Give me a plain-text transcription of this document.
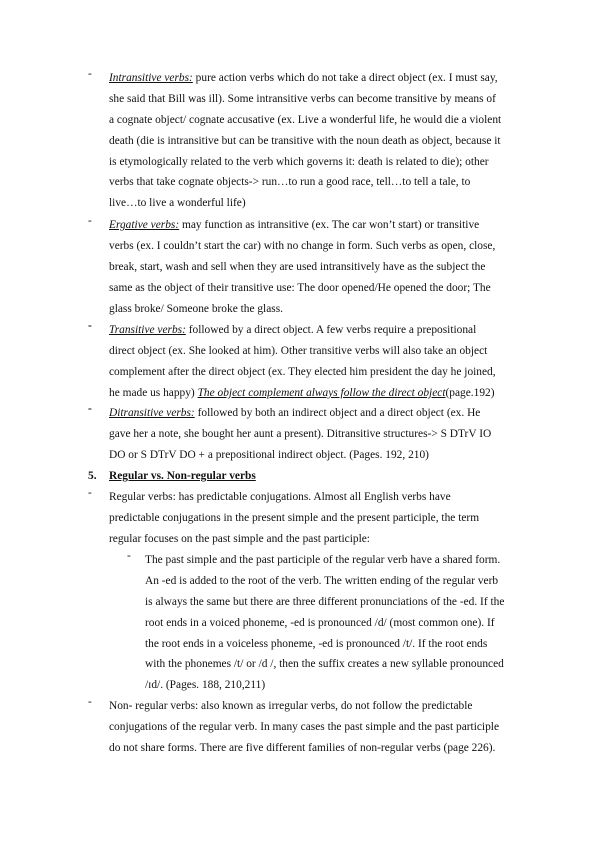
-	Intransitive verbs: pure action verbs which do not take a direct object (ex. I must say,
she said that Bill was ill). Some intransitive verbs can become transitive by means of
a cognate object/ cognate accusative (ex. Live a wonderful life, he would die a violent
death (die is intransitive but can be transitive with the noun death as object, because it
is etymologically related to the verb which governs it: death is related to die); other
verbs that take cognate objects-> run…to run a good race, tell…to tell a tale, to
live…to live a wonderful life)
-	Ergative verbs: may function as intransitive (ex. The car won’t start) or transitive
verbs (ex. I couldn’t start the car) with no change in form. Such verbs as open, close,
break, start, wash and sell when they are used intransitively have as the subject the
same as the object of their transitive use: The door opened/He opened the door; The
glass broke/ Someone broke the glass.
-	Transitive verbs: followed by a direct object. A few verbs require a prepositional
direct object (ex. She looked at him). Other transitive verbs will also take an object
complement after the direct object (ex. They elected him president the day he joined,
he made us happy) The object complement always follow the direct object(page.192)
-	Ditransitive verbs: followed by both an indirect object and a direct object (ex. He
gave her a note, she bought her aunt a present). Ditransitive structures-> S DTrV IO
DO or S DTrV DO + a prepositional indirect object. (Pages. 192, 210)
5.	Regular vs. Non-regular verbs
-	Regular verbs: has predictable conjugations. Almost all English verbs have
predictable conjugations in the present simple and the present participle, the term
regular focuses on the past simple and the past participle:
-	The past simple and the past participle of the regular verb have a shared form.
An -ed is added to the root of the verb. The written ending of the regular verb
is always the same but there are three different pronunciations of the -ed. If the
root ends in a voiced phoneme, -ed is pronounced /d/ (most common one). If
the root ends in a voiceless phoneme, -ed is pronounced /t/. If the root ends
with the phonemes /t/ or /d /, then the suffix creates a new syllable pronounced
/ɪd/. (Pages. 188, 210,211)
-	Non- regular verbs: also known as irregular verbs, do not follow the predictable
conjugations of the regular verb. In many cases the past simple and the past participle
do not share forms. There are five different families of non-regular verbs (page 226).
